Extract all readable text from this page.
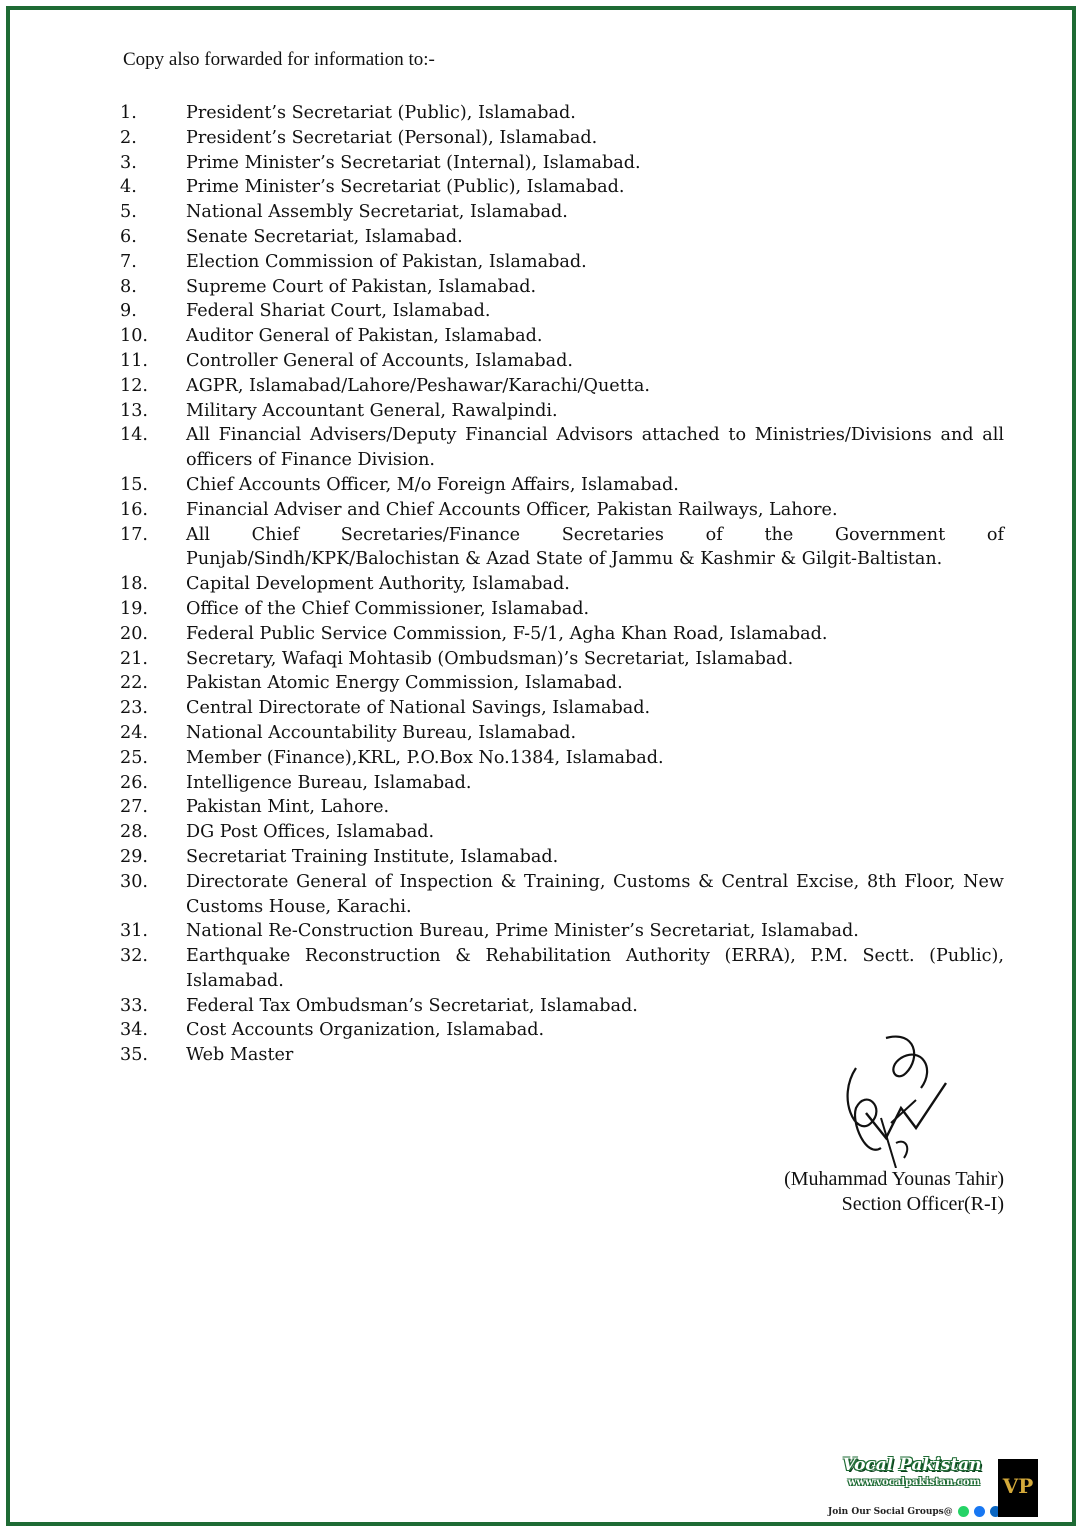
Copy also forwarded for information to:-
1.	President’s Secretariat (Public), Islamabad.
2.	President’s Secretariat (Personal), Islamabad.
3.	Prime Minister’s Secretariat (Internal), Islamabad.
4.	Prime Minister’s Secretariat (Public), Islamabad.
5.	National Assembly Secretariat, Islamabad.
6.	Senate Secretariat, Islamabad.
7.	Election Commission of Pakistan, Islamabad.
8.	Supreme Court of Pakistan, Islamabad.
9.	Federal Shariat Court, Islamabad.
10.	Auditor General of Pakistan, Islamabad.
11.	Controller General of Accounts, Islamabad.
12.	AGPR, Islamabad/Lahore/Peshawar/Karachi/Quetta.
13.	Military Accountant General, Rawalpindi.
14.	All Financial Advisers/Deputy Financial Advisors attached to Ministries/Divisions and all officers of Finance Division.
15.	Chief Accounts Officer, M/o Foreign Affairs, Islamabad.
16.	Financial Adviser and Chief Accounts Officer, Pakistan Railways, Lahore.
17.	All Chief Secretaries/Finance Secretaries of the Government of Punjab/Sindh/KPK/Balochistan & Azad State of Jammu & Kashmir & Gilgit-Baltistan.
18.	Capital Development Authority, Islamabad.
19.	Office of the Chief Commissioner, Islamabad.
20.	Federal Public Service Commission, F-5/1, Agha Khan Road, Islamabad.
21.	Secretary, Wafaqi Mohtasib (Ombudsman)’s Secretariat, Islamabad.
22.	Pakistan Atomic Energy Commission, Islamabad.
23.	Central Directorate of National Savings, Islamabad.
24.	National Accountability Bureau, Islamabad.
25.	Member (Finance),KRL, P.O.Box No.1384, Islamabad.
26.	Intelligence Bureau, Islamabad.
27.	Pakistan Mint, Lahore.
28.	DG Post Offices, Islamabad.
29.	Secretariat Training Institute, Islamabad.
30.	Directorate General of Inspection & Training, Customs & Central Excise, 8th Floor, New Customs House, Karachi.
31.	National Re-Construction Bureau, Prime Minister’s Secretariat, Islamabad.
32.	Earthquake Reconstruction & Rehabilitation Authority (ERRA), P.M. Sectt. (Public), Islamabad.
33.	Federal Tax Ombudsman’s Secretariat, Islamabad.
34.	Cost Accounts Organization, Islamabad.
35.	Web Master
(Muhammad Younas Tahir)
Section Officer(R-I)
Vocal Pakistan
www.vocalpakistan.com
Join Our Social Groups@
VP
